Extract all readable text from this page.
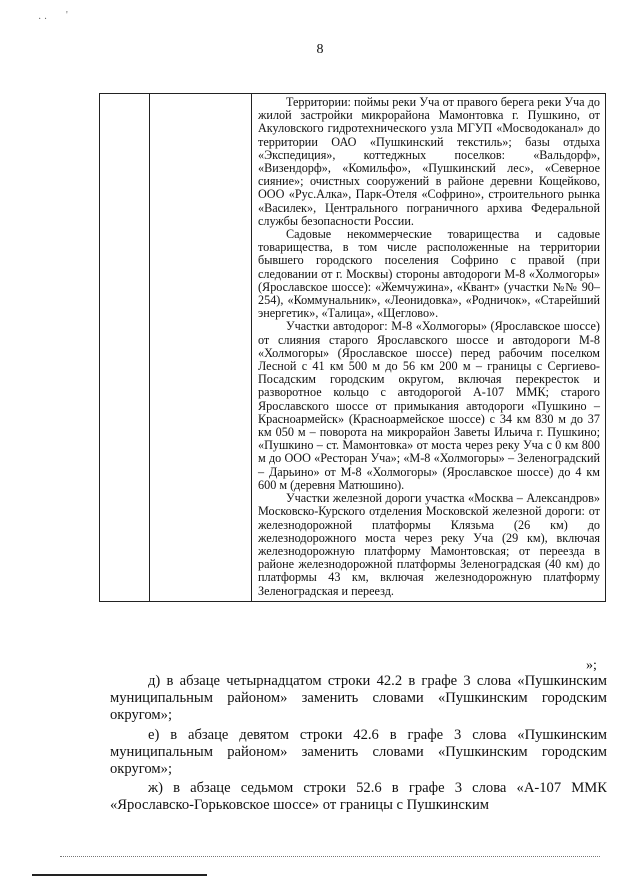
· · '
8

Территории: поймы реки Уча от правого берега реки Уча до жилой застройки микрорайона Мамонтовка г. Пушкино, от Акуловского гидротехнического узла МГУП «Мосводоканал» до территории ОАО «Пушкинский текстиль»; базы отдыха «Экспедиция», коттеджных поселков: «Вальдорф», «Визендорф», «Комильфо», «Пушкинский лес», «Северное сияние»; очистных сооружений в районе деревни Кощейково, ООО «Рус.Алка», Парк-Отеля «Софрино», строительного рынка «Василек», Центрального пограничного архива Федеральной службы безопасности России.

Садовые некоммерческие товарищества и садовые товарищества, в том числе расположенные на территории бывшего городского поселения Софрино с правой (при следовании от г. Москвы) стороны автодороги М-8 «Холмогоры» (Ярославское шоссе): «Жемчужина», «Квант» (участки №№ 90–254), «Коммунальник», «Леонидовка», «Родничок», «Старейший энергетик», «Талица», «Щеглово».

Участки автодорог: М-8 «Холмогоры» (Ярославское шоссе) от слияния старого Ярославского шоссе и автодороги М-8 «Холмогоры» (Ярославское шоссе) перед рабочим поселком Лесной с 41 км 500 м до 56 км 200 м – границы с Сергиево-Посадским городским округом, включая перекресток и разворотное кольцо с автодорогой А-107 ММК; старого Ярославского шоссе от примыкания автодороги «Пушкино – Красноармейск» (Красноармейское шоссе) с 34 км 830 м до 37 км 050 м – поворота на микрорайон Заветы Ильича г. Пушкино; «Пушкино – ст. Мамонтовка» от моста через реку Уча с 0 км 800 м до ООО «Ресторан Уча»; «М-8 «Холмогоры» – Зеленоградский – Дарьино» от М-8 «Холмогоры» (Ярославское шоссе) до 4 км 600 м (деревня Матюшино).

Участки железной дороги участка «Москва – Александров» Московско-Курского отделения Московской железной дороги: от железнодорожной платформы Клязьма (26 км) до железнодорожного моста через реку Уча (29 км), включая железнодорожную платформу Мамонтовская; от переезда в районе железнодорожной платформы Зеленоградская (40 км) до платформы 43 км, включая железнодорожную платформу Зеленоградская и переезд.

»;

д) в абзаце четырнадцатом строки 42.2 в графе 3 слова «Пушкинским муниципальным районом» заменить словами «Пушкинским городским округом»;

е) в абзаце девятом строки 42.6 в графе 3 слова «Пушкинским муниципальным районом» заменить словами «Пушкинским городским округом»;

ж) в абзаце седьмом строки 52.6 в графе 3 слова «А-107 ММК «Ярославско-Горьковское шоссе» от границы с Пушкинским
